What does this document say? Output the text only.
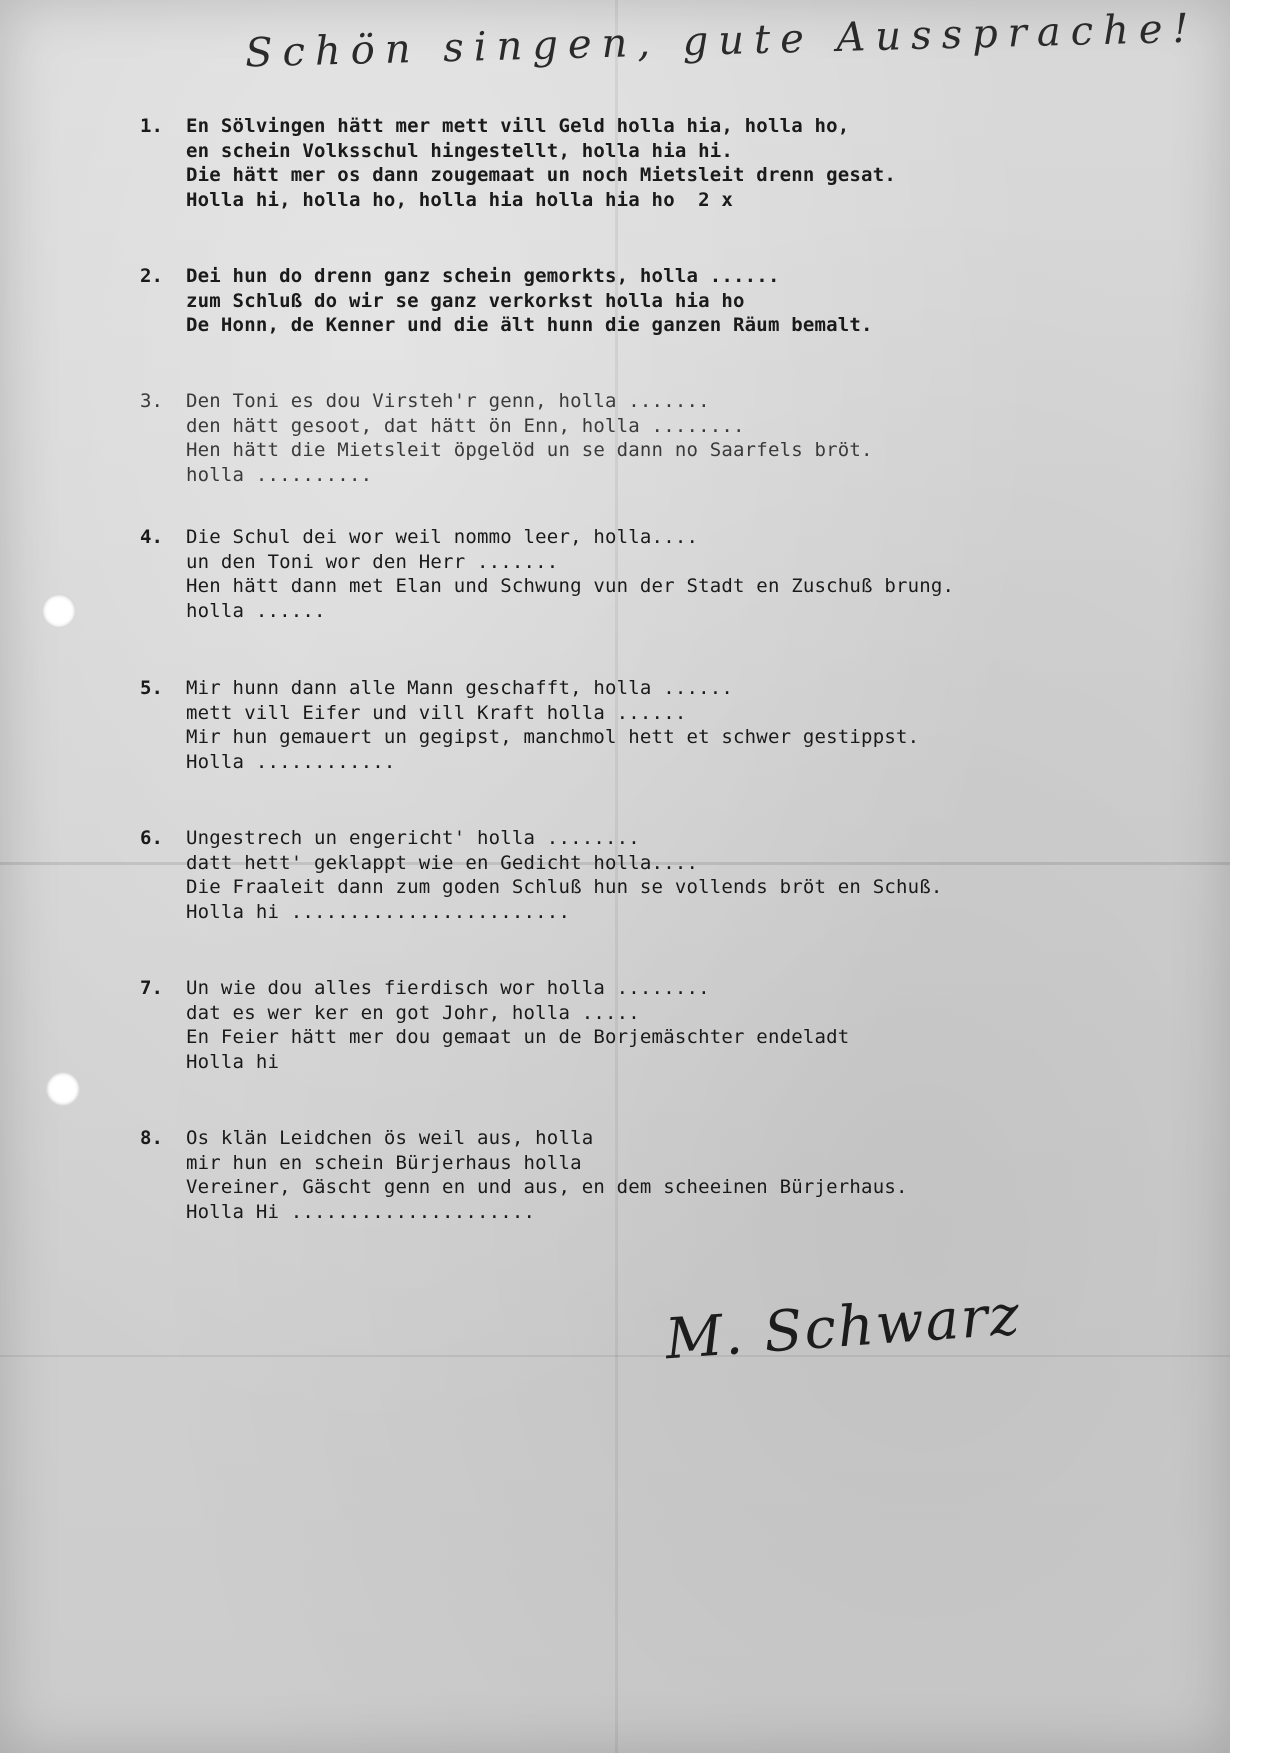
Schön singen, gute Aussprache!
1.	En Sölvingen hätt mer mett vill Geld holla hia, holla ho,
en schein Volksschul hingestellt, holla hia hi.
Die hätt mer os dann zougemaat un noch Mietsleit drenn gesat.
Holla hi, holla ho, holla hia holla hia ho  2 x
2.	Dei hun do drenn ganz schein gemorkts, holla ......
zum Schluß do wir se ganz verkorkst holla hia ho
De Honn, de Kenner und die ält hunn die ganzen Räum bemalt.
3.	Den Toni es dou Virsteh'r genn, holla .......
den hätt gesoot, dat hätt ön Enn, holla ........
Hen hätt die Mietsleit öpgelöd un se dann no Saarfels bröt.
holla ..........
4.	Die Schul dei wor weil nommo leer, holla....
un den Toni wor den Herr .......
Hen hätt dann met Elan und Schwung vun der Stadt en Zuschuß brung.
holla ......
5.	Mir hunn dann alle Mann geschafft, holla ......
mett vill Eifer und vill Kraft holla ......
Mir hun gemauert un gegipst, manchmol hett et schwer gestippst.
Holla ............
6.	Ungestrech un engericht' holla ........
datt hett' geklappt wie en Gedicht holla....
Die Fraaleit dann zum goden Schluß hun se vollends bröt en Schuß.
Holla hi ........................
7.	Un wie dou alles fierdisch wor holla ........
dat es wer ker en got Johr, holla .....
En Feier hätt mer dou gemaat un de Borjemäschter endeladt
Holla hi
8.	Os klän Leidchen ös weil aus, holla
mir hun en schein Bürjerhaus holla
Vereiner, Gäscht genn en und aus, en dem scheeinen Bürjerhaus.
Holla Hi .....................
M. Schwarz
